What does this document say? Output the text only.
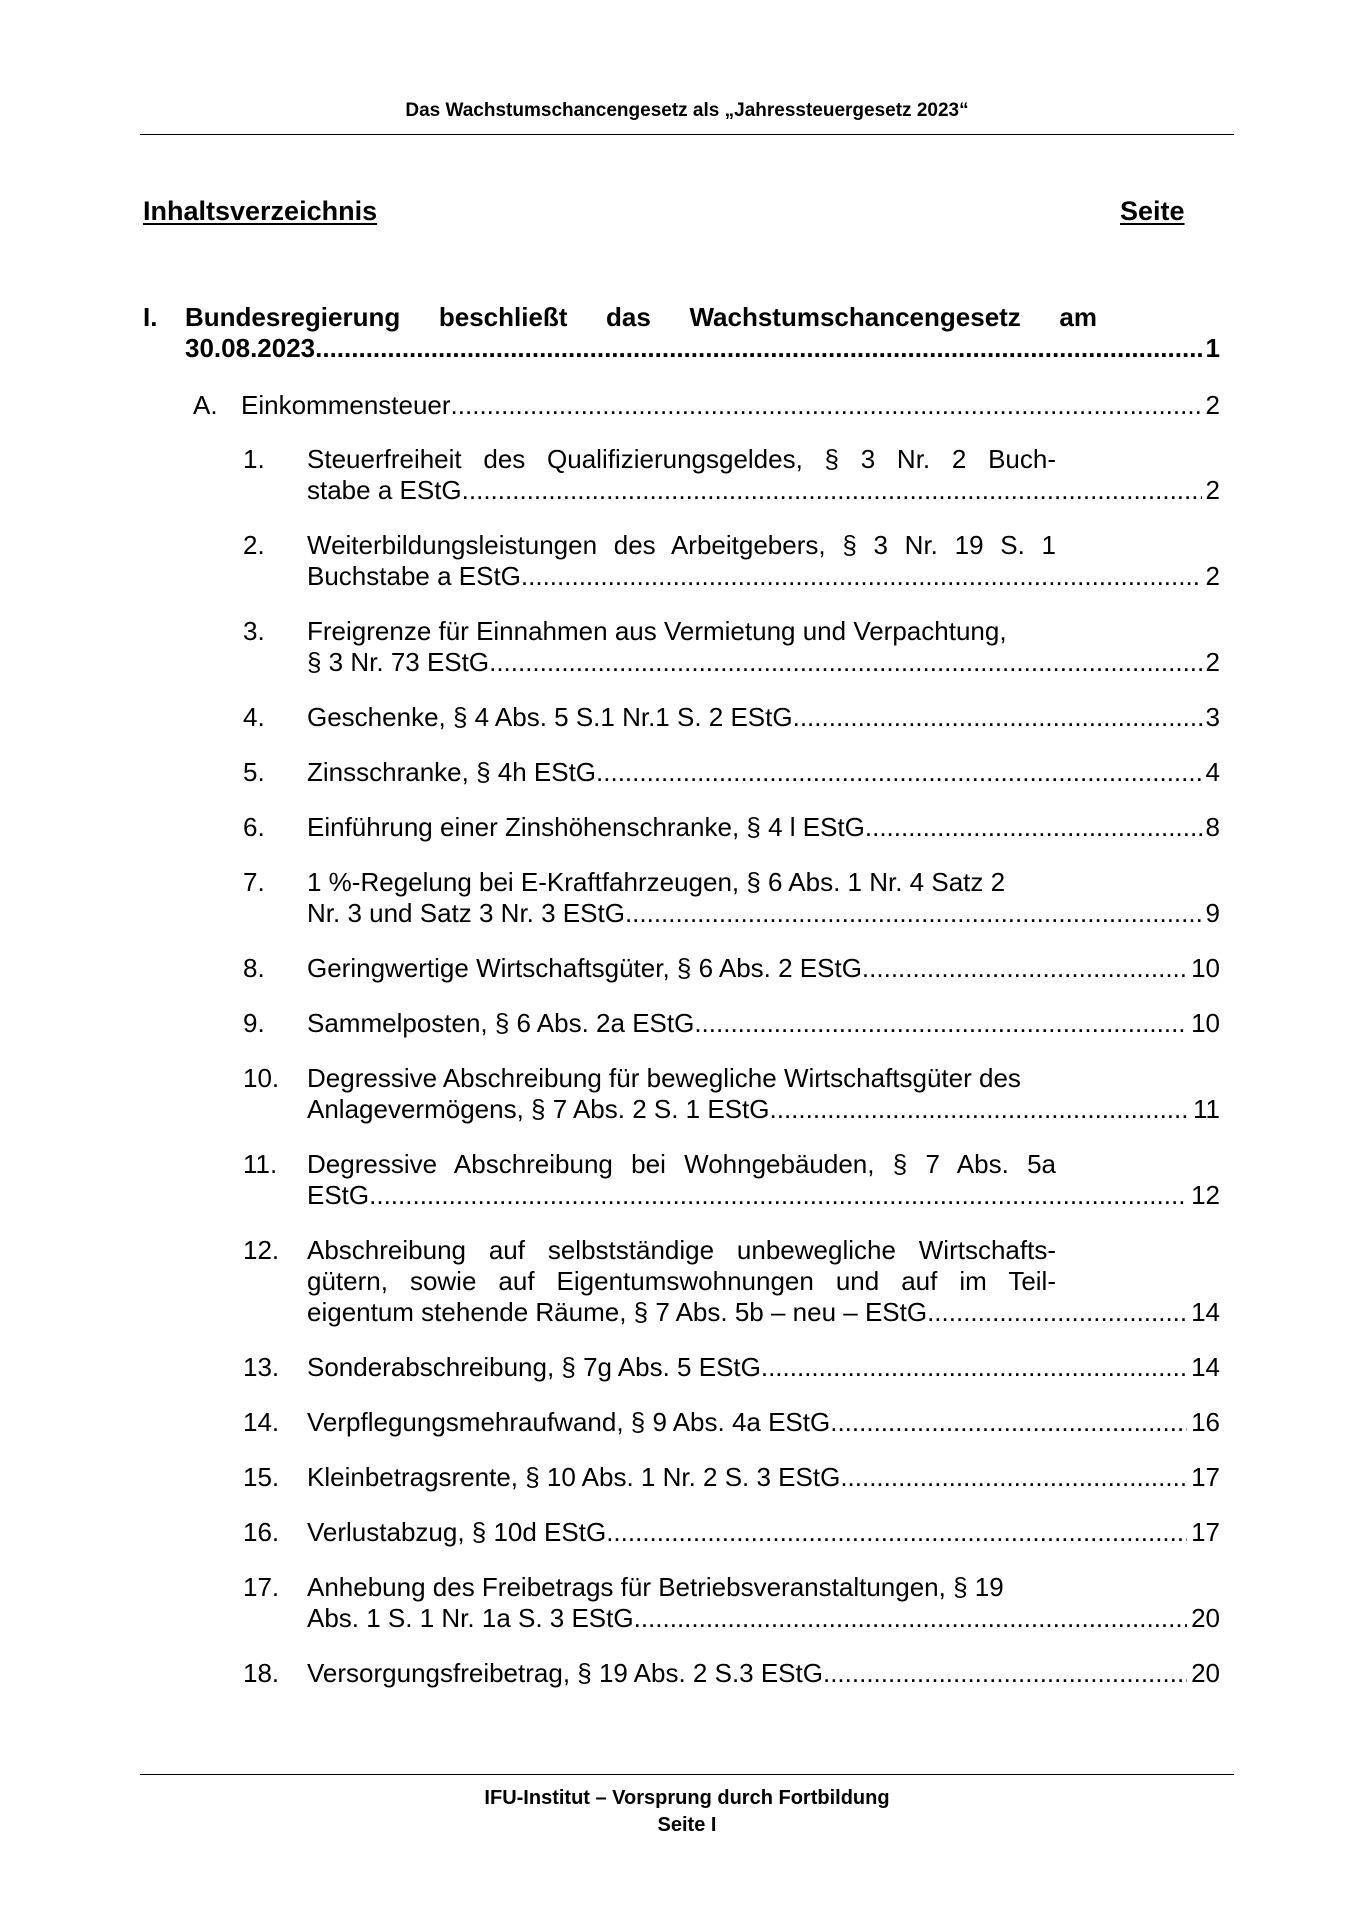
Das Wachstumschancengesetz als „Jahressteuergesetz 2023“
Inhaltsverzeichnis	Seite
I. Bundesregierung beschließt das Wachstumschancengesetz am
30.08.2023 .....	1
A. Einkommensteuer .....	2
1. Steuerfreiheit des Qualifizierungsgeldes, § 3 Nr. 2 Buch-
stabe a EStG .....	2
2. Weiterbildungsleistungen des Arbeitgebers, § 3 Nr. 19 S. 1
Buchstabe a EStG .....	2
3. Freigrenze für Einnahmen aus Vermietung und Verpachtung,
§ 3 Nr. 73 EStG .....	2
4. Geschenke, § 4 Abs. 5 S.1 Nr.1 S. 2 EStG .....	3
5. Zinsschranke, § 4h EStG .....	4
6. Einführung einer Zinshöhenschranke, § 4 l EStG .....	8
7. 1 %-Regelung bei E-Kraftfahrzeugen, § 6 Abs. 1 Nr. 4 Satz 2
Nr. 3 und Satz 3 Nr. 3 EStG .....	9
8. Geringwertige Wirtschaftsgüter, § 6 Abs. 2 EStG .....	10
9. Sammelposten, § 6 Abs. 2a EStG .....	10
10. Degressive Abschreibung für bewegliche Wirtschaftsgüter des
Anlagevermögens, § 7 Abs. 2 S. 1 EStG .....	11
11. Degressive Abschreibung bei Wohngebäuden, § 7 Abs. 5a
EStG .....	12
12. Abschreibung auf selbstständige unbewegliche Wirtschafts-
gütern, sowie auf Eigentumswohnungen und auf im Teil-
eigentum stehende Räume, § 7 Abs. 5b – neu – EStG .....	14
13. Sonderabschreibung, § 7g Abs. 5 EStG .....	14
14. Verpflegungsmehraufwand, § 9 Abs. 4a EStG .....	16
15. Kleinbetragsrente, § 10 Abs. 1 Nr. 2 S. 3 EStG .....	17
16. Verlustabzug, § 10d EStG .....	17
17. Anhebung des Freibetrags für Betriebsveranstaltungen, § 19
Abs. 1 S. 1 Nr. 1a S. 3 EStG .....	20
18. Versorgungsfreibetrag, § 19 Abs. 2 S.3 EStG .....	20
IFU-Institut – Vorsprung durch Fortbildung
Seite I
